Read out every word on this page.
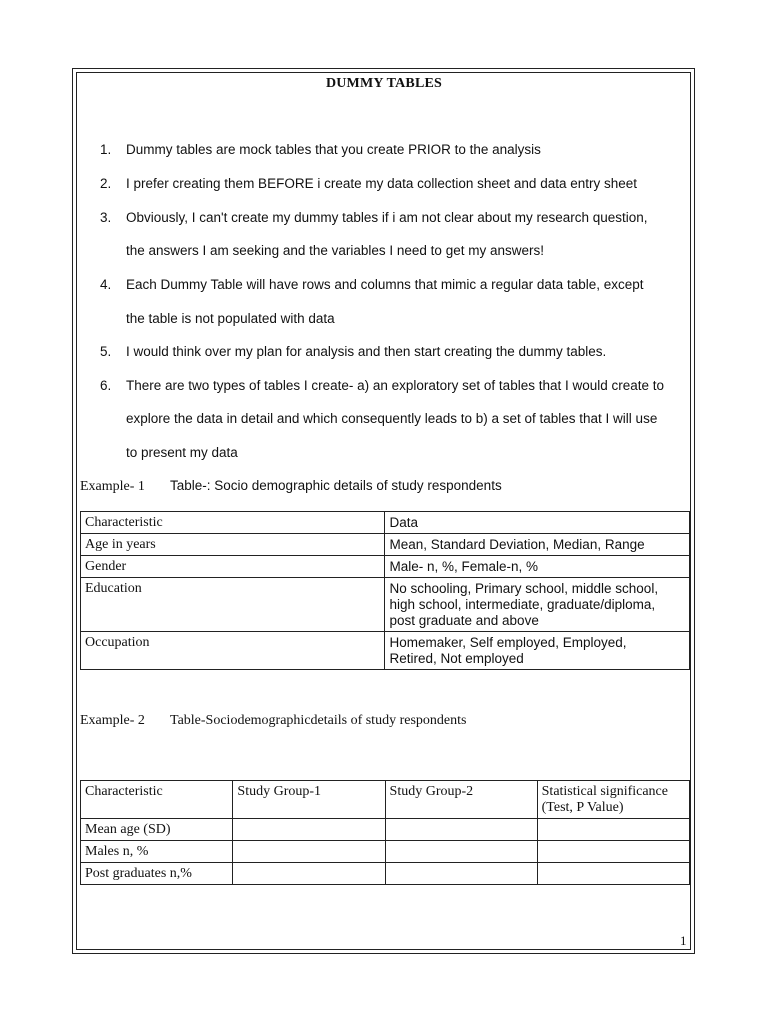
DUMMY TABLES
1. Dummy tables are mock tables that you create PRIOR to the analysis
2. I prefer creating them BEFORE i create my data collection sheet and data entry sheet
3. Obviously, I can't create my dummy tables if i am not clear about my research question,
the answers I am seeking and the variables I need to get my answers!
4. Each Dummy Table will have rows and columns that mimic a regular data table, except
the table is not populated with data
5. I would think over my plan for analysis and then start creating the dummy tables.
6. There are two types of tables I create- a) an exploratory set of tables that I would create to
explore the data in detail and which consequently leads to b) a set of tables that I will use
to present my data
Example- 1 Table-: Socio demographic details of study respondents
Characteristic	Data
Age in years	Mean, Standard Deviation, Median, Range
Gender	Male- n, %, Female-n, %
Education	No schooling, Primary school, middle school,
high school, intermediate, graduate/diploma,
post graduate and above
Occupation	Homemaker, Self employed, Employed,
Retired, Not employed
Example- 2 Table-Sociodemographicdetails of study respondents
Characteristic	Study Group-1	Study Group-2	Statistical significance
(Test, P Value)
Mean age (SD)			
Males n, %			
Post graduates n,%			
1
